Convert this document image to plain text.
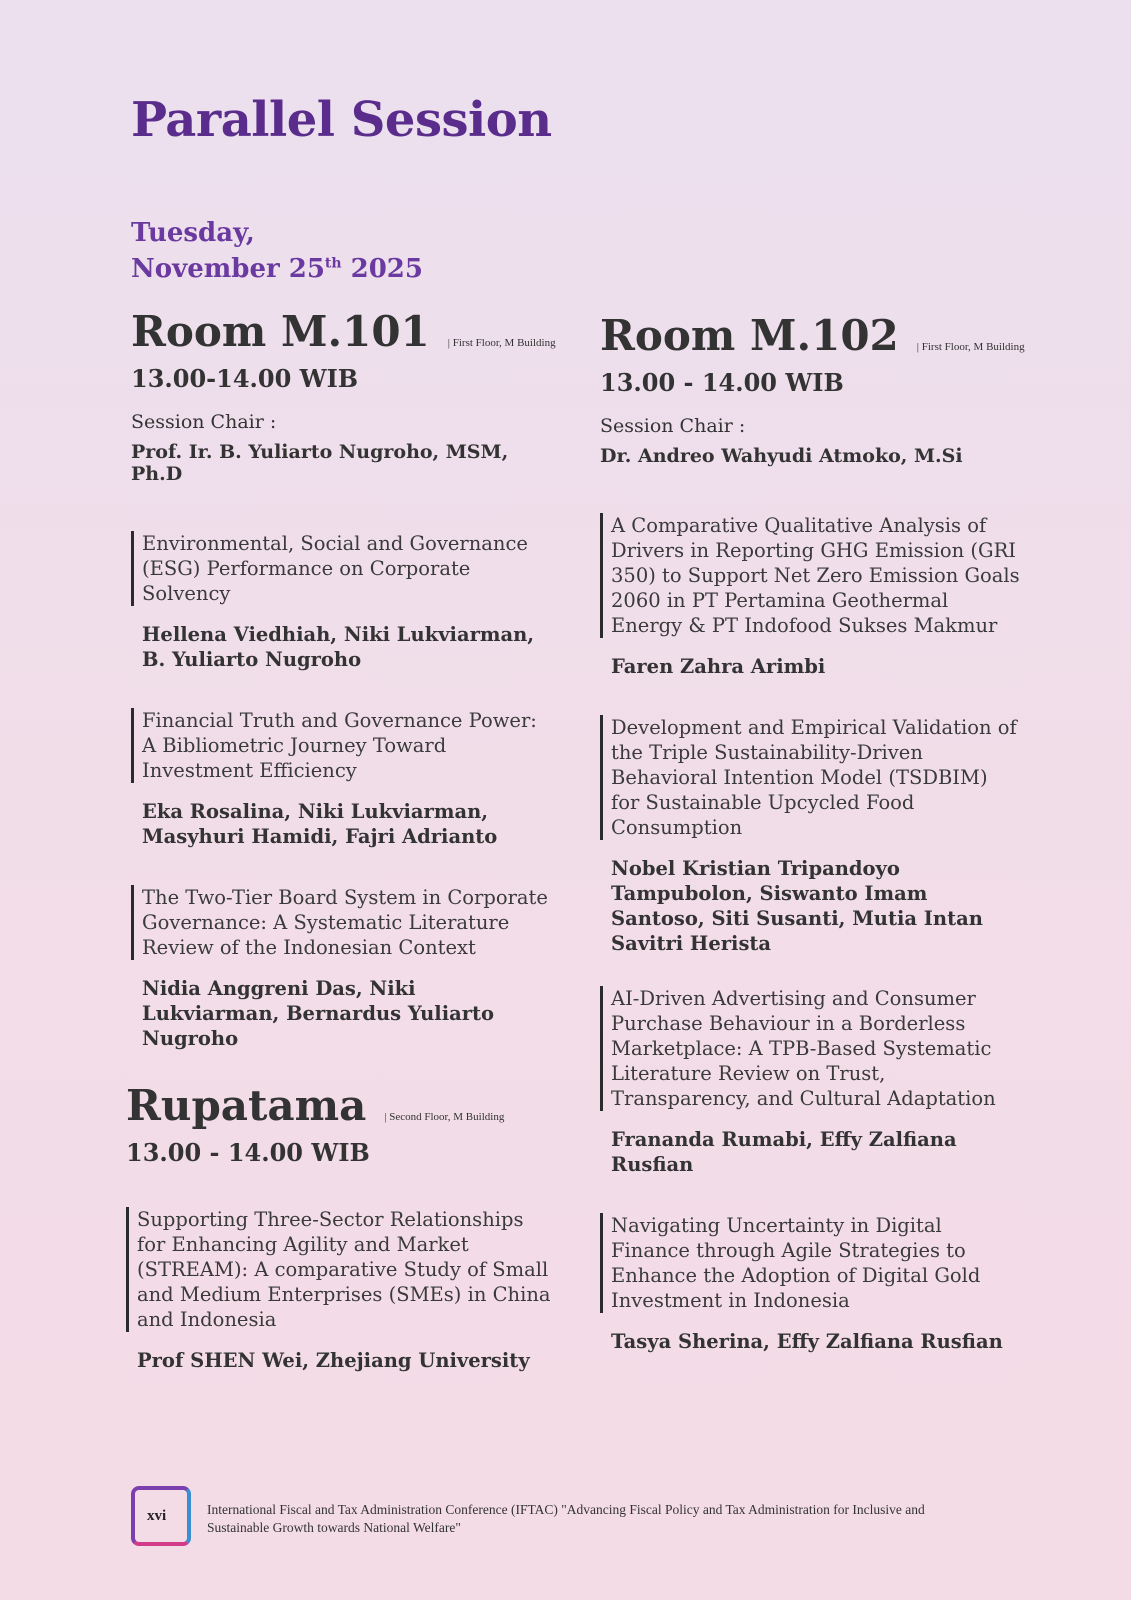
Parallel Session
Tuesday,
November 25th 2025
Room M.101 | First Floor, M Building
13.00-14.00 WIB
Session Chair :
Prof. Ir. B. Yuliarto Nugroho, MSM, Ph.D
Environmental, Social and Governance (ESG) Performance on Corporate Solvency
Hellena Viedhiah, Niki Lukviarman, B. Yuliarto Nugroho
Financial Truth and Governance Power: A Bibliometric Journey Toward Investment Efficiency
Eka Rosalina, Niki Lukviarman, Masyhuri Hamidi, Fajri Adrianto
The Two-Tier Board System in Corporate Governance: A Systematic Literature Review of the Indonesian Context
Nidia Anggreni Das, Niki Lukviarman, Bernardus Yuliarto Nugroho
Room M.102 | First Floor, M Building
13.00 - 14.00 WIB
Session Chair :
Dr. Andreo Wahyudi Atmoko, M.Si
A Comparative Qualitative Analysis of Drivers in Reporting GHG Emission (GRI 350) to Support Net Zero Emission Goals 2060 in PT Pertamina Geothermal Energy & PT Indofood Sukses Makmur
Faren Zahra Arimbi
Development and Empirical Validation of the Triple Sustainability-Driven Behavioral Intention Model (TSDBIM) for Sustainable Upcycled Food Consumption
Nobel Kristian Tripandoyo Tampubolon, Siswanto Imam Santoso, Siti Susanti, Mutia Intan Savitri Herista
AI-Driven Advertising and Consumer Purchase Behaviour in a Borderless Marketplace: A TPB-Based Systematic Literature Review on Trust, Transparency, and Cultural Adaptation
Frananda Rumabi, Effy Zalfiana Rusfian
Navigating Uncertainty in Digital Finance through Agile Strategies to Enhance the Adoption of Digital Gold Investment in Indonesia
Tasya Sherina, Effy Zalfiana Rusfian
Rupatama | Second Floor, M Building
13.00 - 14.00 WIB
Supporting Three-Sector Relationships for Enhancing Agility and Market (STREAM): A comparative Study of Small and Medium Enterprises (SMEs) in China and Indonesia
Prof SHEN Wei, Zhejiang University
xvi	International Fiscal and Tax Administration Conference (IFTAC) "Advancing Fiscal Policy and Tax Administration for Inclusive and Sustainable Growth towards National Welfare"
